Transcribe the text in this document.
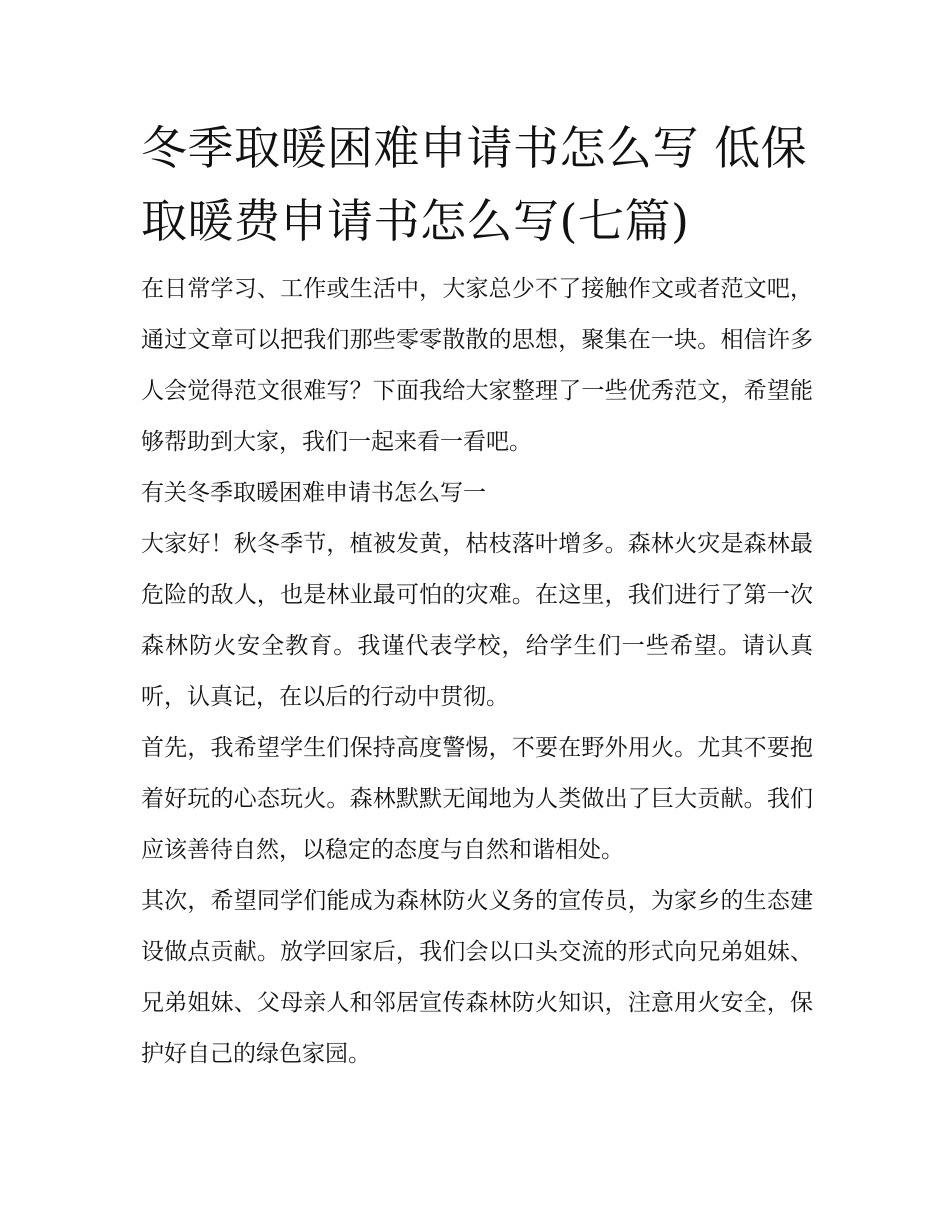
冬季取暖困难申请书怎么写 低保取暖费申请书怎么写(七篇)

在日常学习、工作或生活中，大家总少不了接触作文或者范文吧，通过文章可以把我们那些零零散散的思想，聚集在一块。相信许多人会觉得范文很难写？下面我给大家整理了一些优秀范文，希望能够帮助到大家，我们一起来看一看吧。

有关冬季取暖困难申请书怎么写一

大家好！秋冬季节，植被发黄，枯枝落叶增多。森林火灾是森林最危险的敌人，也是林业最可怕的灾难。在这里，我们进行了第一次森林防火安全教育。我谨代表学校，给学生们一些希望。请认真听，认真记，在以后的行动中贯彻。

首先，我希望学生们保持高度警惕，不要在野外用火。尤其不要抱着好玩的心态玩火。森林默默无闻地为人类做出了巨大贡献。我们应该善待自然，以稳定的态度与自然和谐相处。

其次，希望同学们能成为森林防火义务的宣传员，为家乡的生态建设做点贡献。放学回家后，我们会以口头交流的形式向兄弟姐妹、兄弟姐妹、父母亲人和邻居宣传森林防火知识，注意用火安全，保护好自己的绿色家园。
